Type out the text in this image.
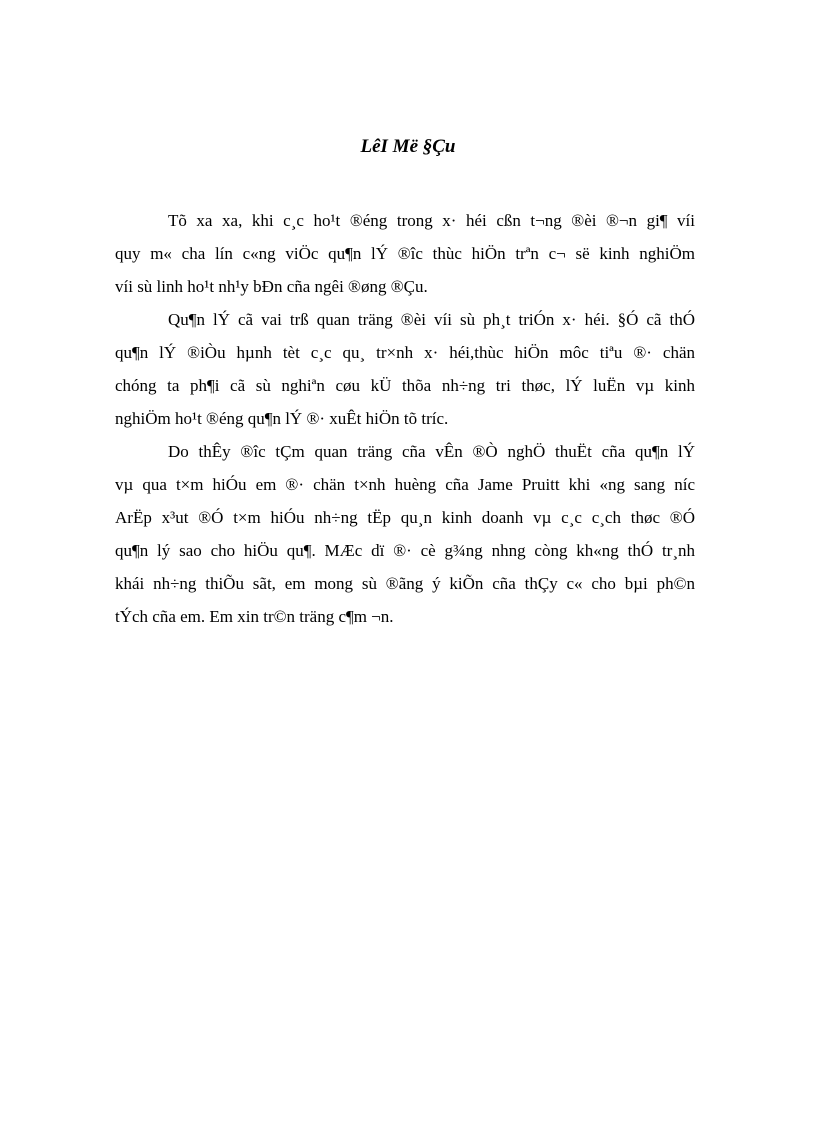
LêI Më §Çu
Tõ xa xa, khi c¸c ho¹t ®éng trong x· héi cßn t¬ng ®èi ®¬n gi¶ víi
quy m« cha lín c«ng viÖc qu¶n lÝ ®îc thùc hiÖn trªn c¬ së kinh nghiÖm
víi sù linh ho¹t nh¹y bÐn cña ngêi ®øng ®Çu.
Qu¶n lÝ cã vai trß quan träng ®èi víi sù ph¸t triÓn x· héi. §Ó cã thÓ
qu¶n lÝ ®iÒu hµnh tèt c¸c qu¸ tr×nh x· héi,thùc hiÖn môc tiªu ®· chän
chóng ta ph¶i cã sù nghiªn cøu kÜ thõa nh÷ng tri thøc, lÝ luËn vµ kinh
nghiÖm ho¹t ®éng qu¶n lÝ ®· xuÊt hiÖn tõ tríc.
Do thÊy ®îc tÇm quan träng cña vÊn ®Ò nghÖ thuËt cña qu¶n lÝ
vµ qua t×m hiÓu em ®· chän t×nh huèng cña Jame Pruitt khi «ng sang níc
ArËp x³ut ®Ó t×m hiÓu nh÷ng tËp qu¸n kinh doanh vµ c¸c c¸ch thøc ®Ó
qu¶n lý sao cho hiÖu qu¶. MÆc dï ®· cè g¾ng nhng còng kh«ng thÓ tr¸nh
khái nh÷ng thiÕu sãt, em mong sù ®ãng ý kiÕn cña thÇy c« cho bµi ph©n
tÝch cña em. Em xin tr©n träng c¶m ¬n.
